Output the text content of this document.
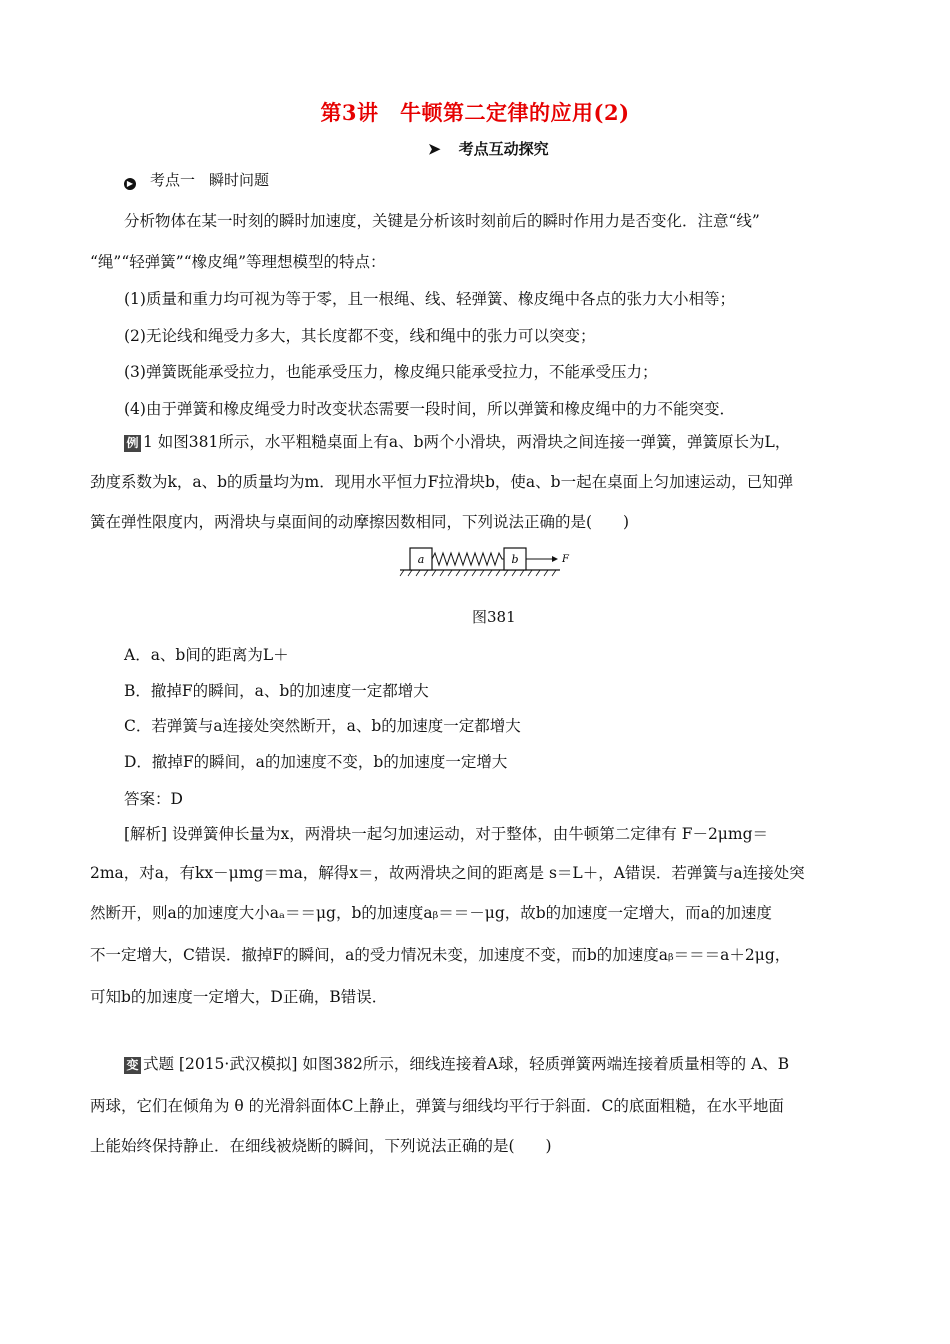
第3讲　牛顿第二定律的应用(2)
➤ 考点互动探究
▶ 考点一 瞬时问题
分析物体在某一时刻的瞬时加速度，关键是分析该时刻前后的瞬时作用力是否变化．注意“线”
“绳”“轻弹簧”“橡皮绳”等理想模型的特点：
(1)质量和重力均可视为等于零，且一根绳、线、轻弹簧、橡皮绳中各点的张力大小相等；
(2)无论线和绳受力多大，其长度都不变，线和绳中的张力可以突变；
(3)弹簧既能承受拉力，也能承受压力，橡皮绳只能承受拉力，不能承受压力；
(4)由于弹簧和橡皮绳受力时改变状态需要一段时间，所以弹簧和橡皮绳中的力不能突变．
例 1 如图381所示，水平粗糙桌面上有a、b两个小滑块，两滑块之间连接一弹簧，弹簧原长为L，
劲度系数为k，a、b的质量均为m．现用水平恒力F拉滑块b，使a、b一起在桌面上匀加速运动，已知弹
簧在弹性限度内，两滑块与桌面间的动摩擦因数相同，下列说法正确的是(　　)
a	b	F
图381
A．a、b间的距离为L＋
B．撤掉F的瞬间，a、b的加速度一定都增大
C．若弹簧与a连接处突然断开，a、b的加速度一定都增大
D．撤掉F的瞬间，a的加速度不变，b的加速度一定增大
答案：D
[解析] 设弹簧伸长量为x，两滑块一起匀加速运动，对于整体，由牛顿第二定律有 F－2μmg＝
2ma，对a，有kx－μmg＝ma，解得x＝，故两滑块之间的距离是 s＝L＋，A错误．若弹簧与a连接处突
然断开，则a的加速度大小aₐ＝＝μg，b的加速度aᵦ＝＝－μg，故b的加速度一定增大，而a的加速度
不一定增大，C错误．撤掉F的瞬间，a的受力情况未变，加速度不变，而b的加速度aᵦ＝＝＝a＋2μg，
可知b的加速度一定增大，D正确，B错误．
变 式题 [2015·武汉模拟] 如图382所示，细线连接着A球，轻质弹簧两端连接着质量相等的 A、B
两球，它们在倾角为 θ 的光滑斜面体C上静止，弹簧与细线均平行于斜面．C的底面粗糙，在水平地面
上能始终保持静止．在细线被烧断的瞬间，下列说法正确的是(　　)
